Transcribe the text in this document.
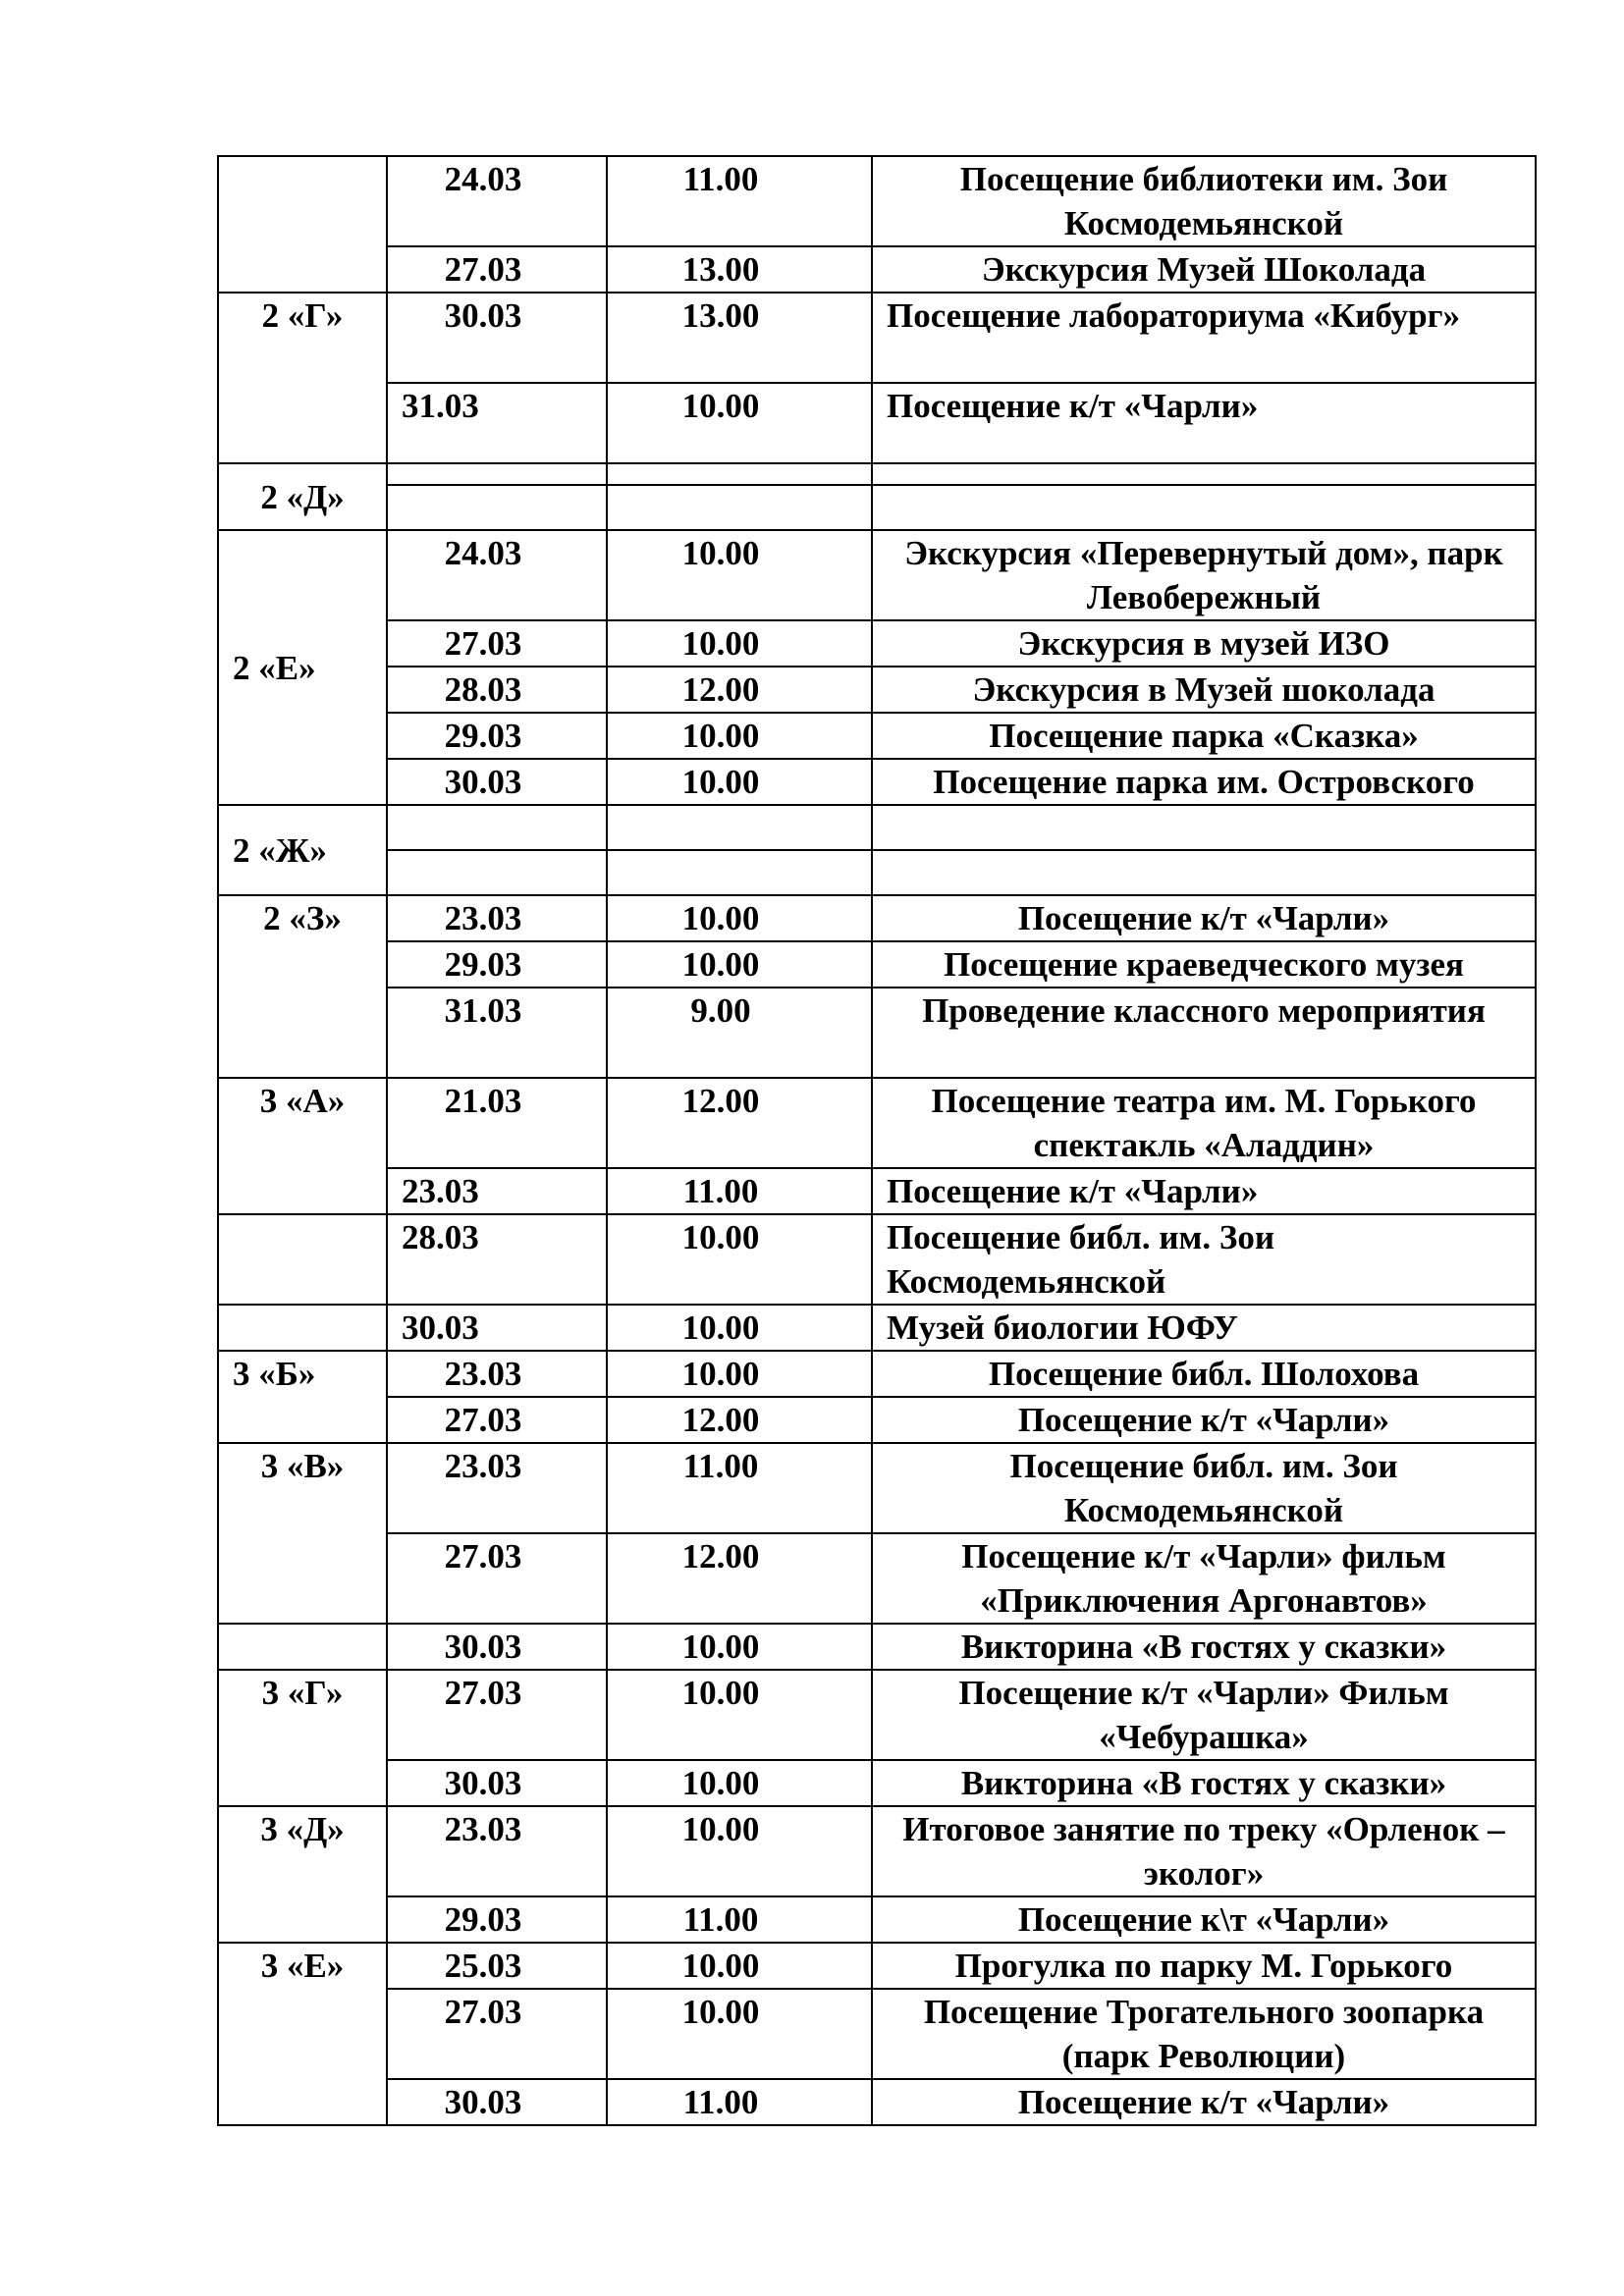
	24.03	11.00	Посещение библиотеки им. Зои Космодемьянской
	27.03	13.00	Экскурсия Музей Шоколада
2 «Г»	30.03	13.00	Посещение лабораториума «Кибург»
	31.03	10.00	Посещение к/т «Чарли»
2 «Д»			

2 «Е»	24.03	10.00	Экскурсия «Перевернутый дом», парк Левобережный
	27.03	10.00	Экскурсия в музей ИЗО
	28.03	12.00	Экскурсия в Музей шоколада
	29.03	10.00	Посещение парка «Сказка»
	30.03	10.00	Посещение парка им. Островского
2 «Ж»			

2 «З»	23.03	10.00	Посещение к/т «Чарли»
	29.03	10.00	Посещение краеведческого музея
	31.03	9.00	Проведение классного мероприятия
3 «А»	21.03	12.00	Посещение театра им. М. Горького спектакль «Аладдин»
	23.03	11.00	Посещение к/т «Чарли»
	28.03	10.00	Посещение библ. им. Зои Космодемьянской
	30.03	10.00	Музей биологии ЮФУ
3 «Б»	23.03	10.00	Посещение библ. Шолохова
	27.03	12.00	Посещение к/т «Чарли»
3 «В»	23.03	11.00	Посещение библ. им. Зои Космодемьянской
	27.03	12.00	Посещение к/т «Чарли» фильм «Приключения Аргонавтов»
	30.03	10.00	Викторина «В гостях у сказки»
3 «Г»	27.03	10.00	Посещение к/т «Чарли» Фильм «Чебурашка»
	30.03	10.00	Викторина «В гостях у сказки»
3 «Д»	23.03	10.00	Итоговое занятие по треку «Орленок – эколог»
	29.03	11.00	Посещение к\т «Чарли»
3 «Е»	25.03	10.00	Прогулка по парку М. Горького
	27.03	10.00	Посещение Трогательного зоопарка (парк Революции)
	30.03	11.00	Посещение к/т «Чарли»
